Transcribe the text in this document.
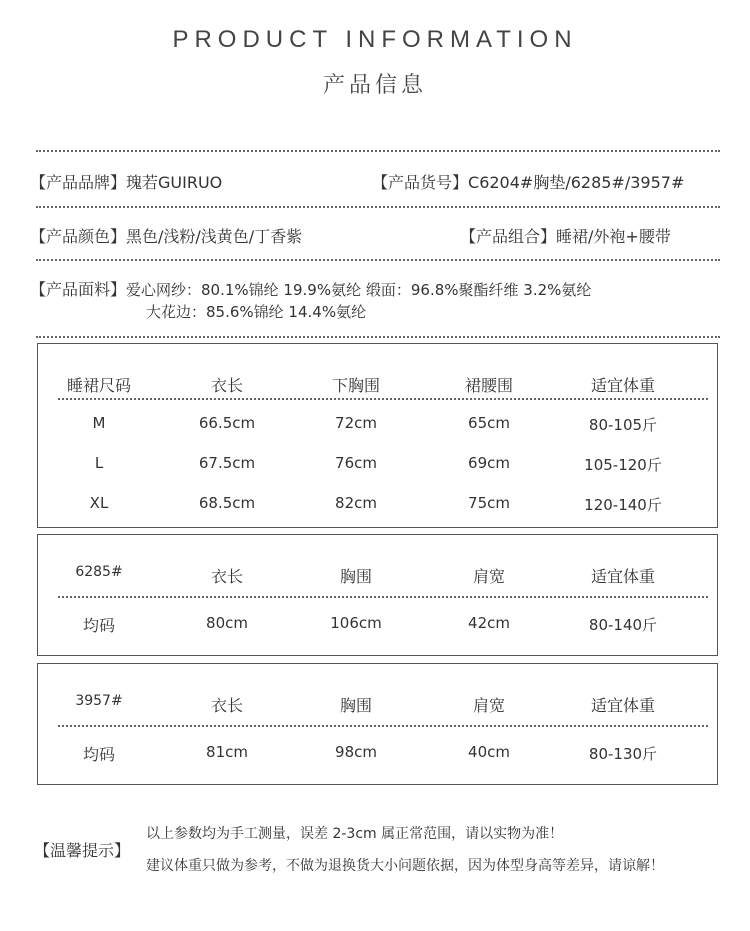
PRODUCT INFORMATION
产品信息
【产品品牌】瑰若GUIRUO	【产品货号】C6204#胸垫/6285#/3957#
【产品颜色】黑色/浅粉/浅黄色/丁香紫	【产品组合】睡裙/外袍+腰带
【产品面料】爱心网纱：80.1%锦纶 19.9%氨纶 缎面：96.8%聚酯纤维 3.2%氨纶
大花边：85.6%锦纶 14.4%氨纶
睡裙尺码	衣长	下胸围	裙腰围	适宜体重
M	66.5cm	72cm	65cm	80-105斤
L	67.5cm	76cm	69cm	105-120斤
XL	68.5cm	82cm	75cm	120-140斤
6285#	衣长	胸围	肩宽	适宜体重
均码	80cm	106cm	42cm	80-140斤
3957#	衣长	胸围	肩宽	适宜体重
均码	81cm	98cm	40cm	80-130斤
【温馨提示】
以上参数均为手工测量，误差 2-3cm 属正常范围，请以实物为准！
建议体重只做为参考，不做为退换货大小问题依据，因为体型身高等差异，请谅解！
